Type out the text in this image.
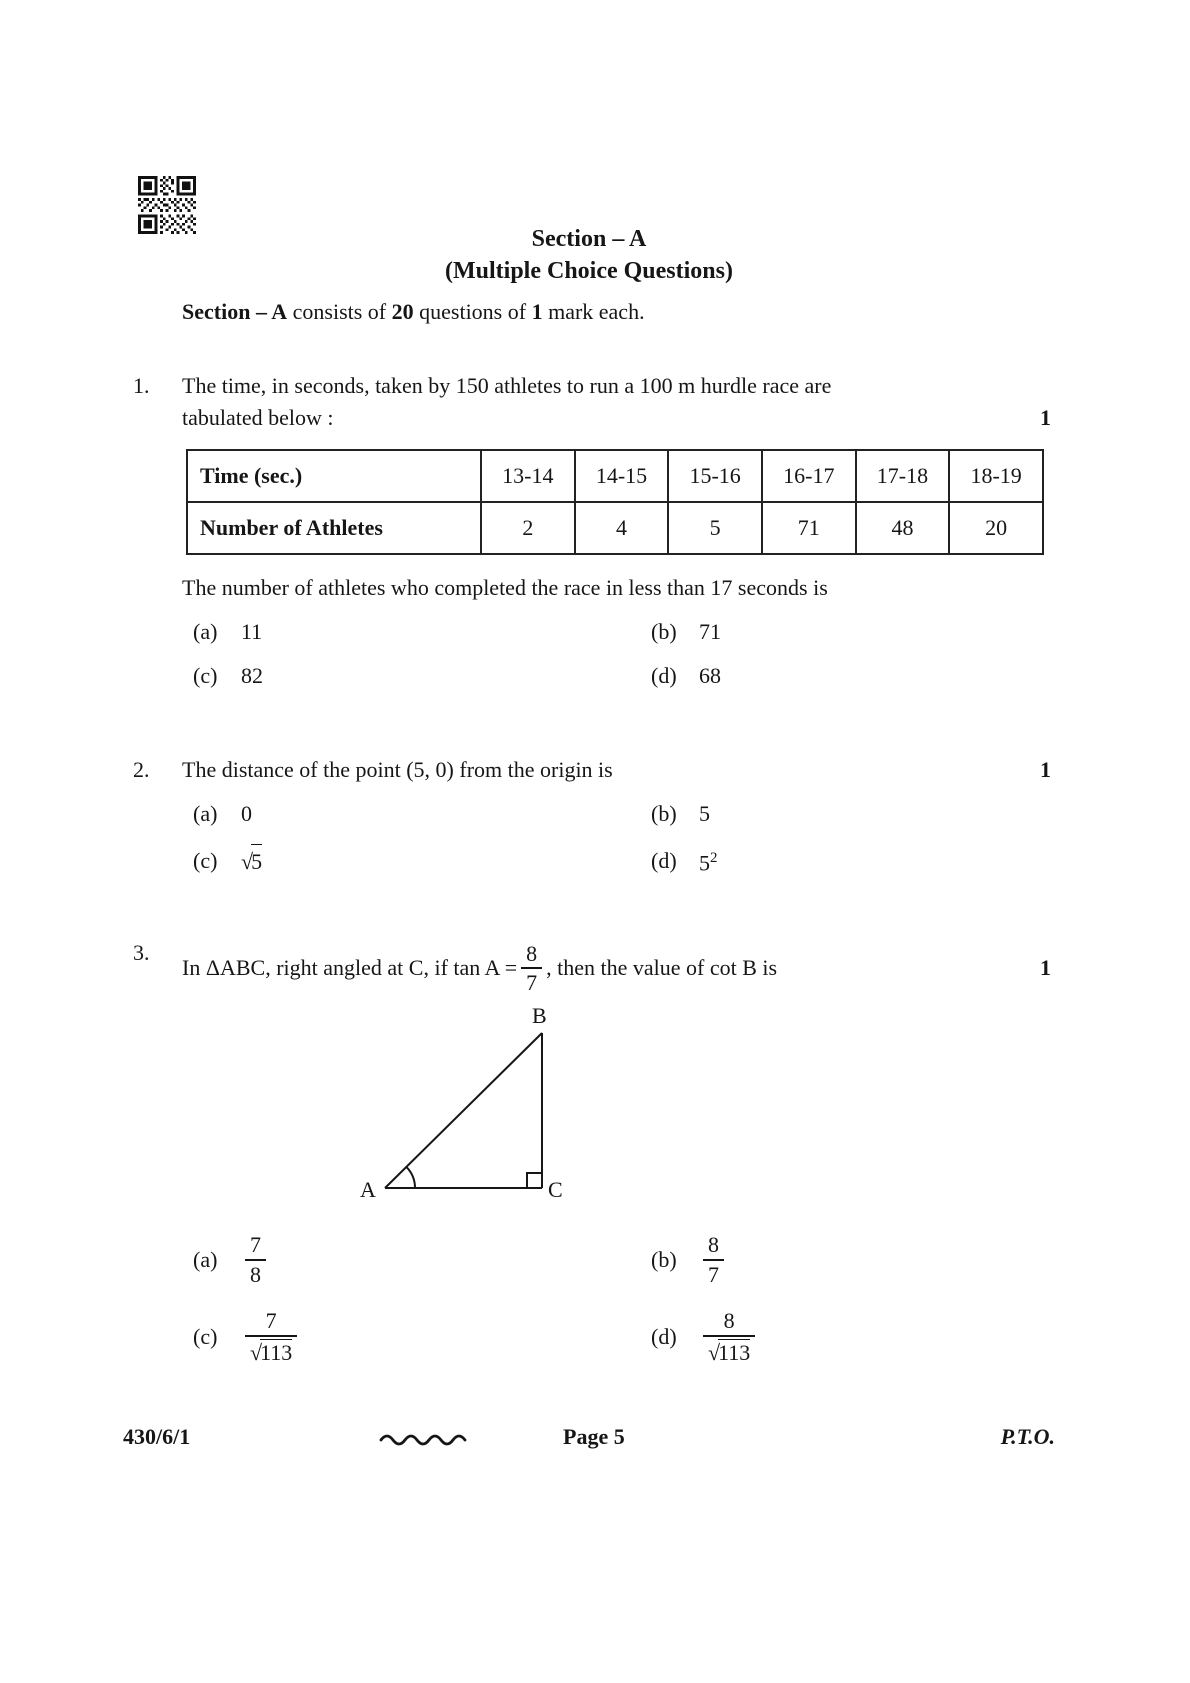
Section – A
(Multiple Choice Questions)
Section – A consists of 20 questions of 1 mark each.
1.	The time, in seconds, taken by 150 athletes to run a 100 m hurdle race are
tabulated below :	1
Time (sec.)	13-14	14-15	15-16	16-17	17-18	18-19
Number of Athletes	2	4	5	71	48	20
The number of athletes who completed the race in less than 17 seconds is
(a)	11	(b)	71
(c)	82	(d)	68
2.	The distance of the point (5, 0) from the origin is	1
(a)	0	(b)	5
(c)	√5	(d)	$5^2$
3.
In ΔABC, right angled at C, if $\tan A = \frac{8}{7}$ , then the value of cot B is	1
A
B
C
(a)	$\frac{7}{8}$	(b)	$\frac{8}{7}$
(c)	$\frac{7}{√113}$	(d)	$\frac{8}{√113}$
430/6/1	Page 5	P.T.O.
